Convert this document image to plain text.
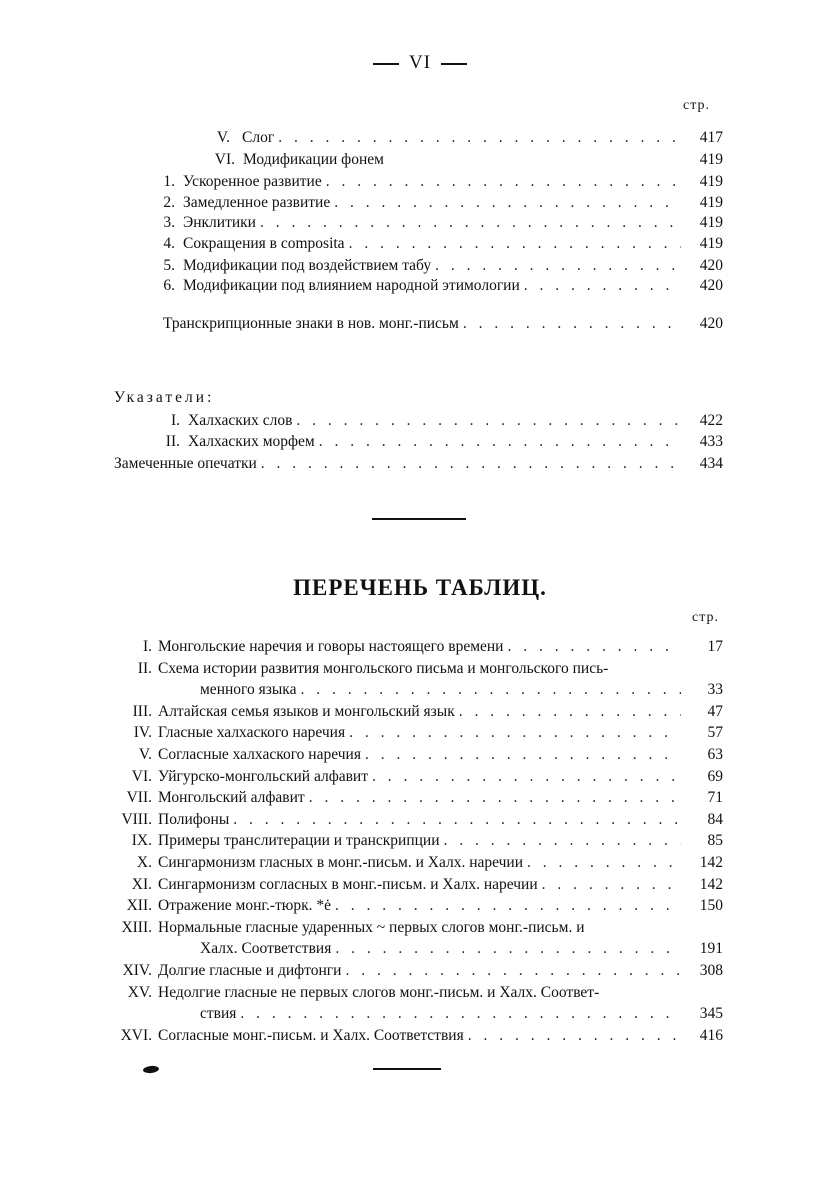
VI
стр.
V. Слог . . .	417
VI. Модификации фонем	419
1. Ускоренное развитие . . .	419
2. Замедленное развитие . . .	419
3. Энклитики . . .	419
4. Сокращения в composita . . .	419
5. Модификации под воздействием табу . . .	420
6. Модификации под влиянием народной этимологии . . .	420
Транскрипционные знаки в нов. монг.-письм . . .	420
Указатели:
I. Халхаских слов . . .	422
II. Халхаских морфем . . .	433
Замеченные опечатки . . .	434
ПЕРЕЧЕНЬ ТАБЛИЦ.
стр.
I. Монгольские наречия и говоры настоящего времени . . .	17
II. Схема истории развития монгольского письма и монгольского пись-
менного языка . . .	33
III. Алтайская семья языков и монгольский язык . . .	47
IV. Гласные халхаского наречия . . .	57
V. Согласные халхаского наречия . . .	63
VI. Уйгурско-монгольский алфавит . . .	69
VII. Монгольский алфавит . . .	71
VIII. Полифоны . . .	84
IX. Примеры транслитерации и транскрипции . . .	85
X. Сингармонизм гласных в монг.-письм. и Халх. наречии . . .	142
XI. Сингармонизм согласных в монг.-письм. и Халх. наречии . . .	142
XII. Отражение монг.-тюрк. *ė . . .	150
XIII. Нормальные гласные ударенных ~ первых слогов монг.-письм. и
Халх. Соответствия . . .	191
XIV. Долгие гласные и дифтонги . . .	308
XV. Недолгие гласные не первых слогов монг.-письм. и Халх. Соответ-
ствия . . .	345
XVI. Согласные монг.-письм. и Халх. Соответствия . . .	416
